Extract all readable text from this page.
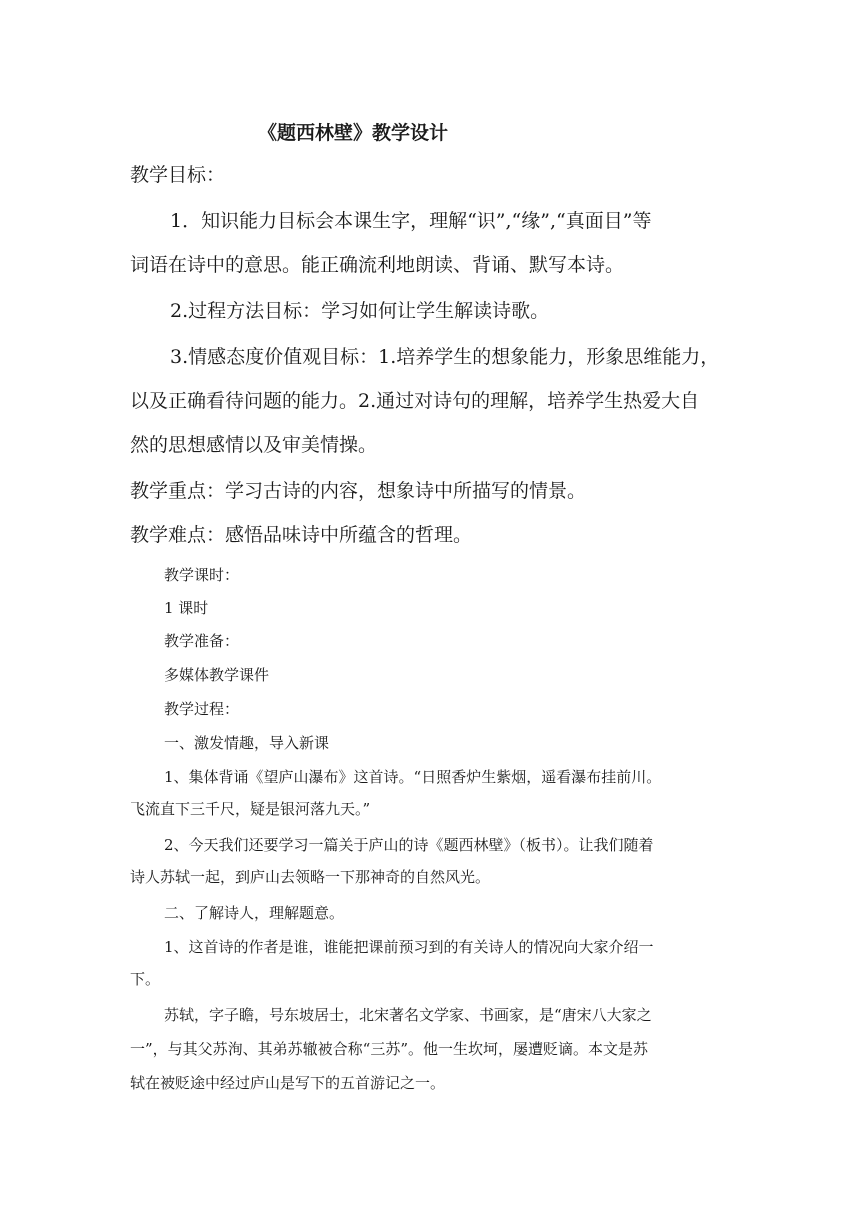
《题西林壁》教学设计

教学目标：

1．知识能力目标会本课生字，理解“识”,“缘”,“真面目”等

词语在诗中的意思。能正确流利地朗读、背诵、默写本诗。

2.过程方法目标：学习如何让学生解读诗歌。

3.情感态度价值观目标：1.培养学生的想象能力，形象思维能力，

以及正确看待问题的能力。2.通过对诗句的理解，培养学生热爱大自

然的思想感情以及审美情操。

教学重点：学习古诗的内容，想象诗中所描写的情景。

教学难点：感悟品味诗中所蕴含的哲理。

教学课时：

1 课时

教学准备：

多媒体教学课件

教学过程：

一、激发情趣，导入新课

1、集体背诵《望庐山瀑布》这首诗。“日照香炉生紫烟，遥看瀑布挂前川。

飞流直下三千尺，疑是银河落九天。”

2、今天我们还要学习一篇关于庐山的诗《题西林壁》（板书）。让我们随着

诗人苏轼一起，到庐山去领略一下那神奇的自然风光。

二、了解诗人，理解题意。

1、这首诗的作者是谁，谁能把课前预习到的有关诗人的情况向大家介绍一

下。

苏轼，字子瞻，号东坡居士，北宋著名文学家、书画家，是“唐宋八大家之

一”，与其父苏洵、其弟苏辙被合称“三苏”。他一生坎坷，屡遭贬谪。本文是苏

轼在被贬途中经过庐山是写下的五首游记之一。
